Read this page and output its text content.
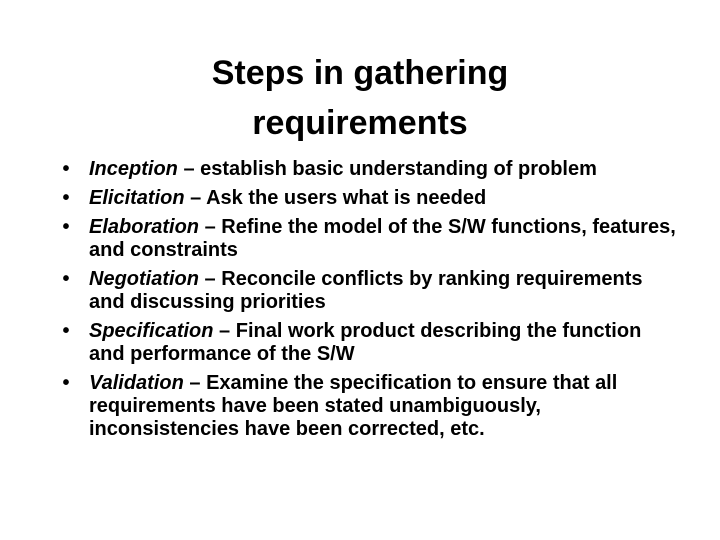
Steps in gathering
requirements
• Inception – establish basic understanding of problem
• Elicitation – Ask the users what is needed
• Elaboration – Refine the model of the S/W functions, features, and constraints
• Negotiation – Reconcile conflicts by ranking requirements and discussing priorities
• Specification – Final work product describing the function and performance of the S/W
• Validation – Examine the specification to ensure that all requirements have been stated unambiguously, inconsistencies have been corrected, etc.
